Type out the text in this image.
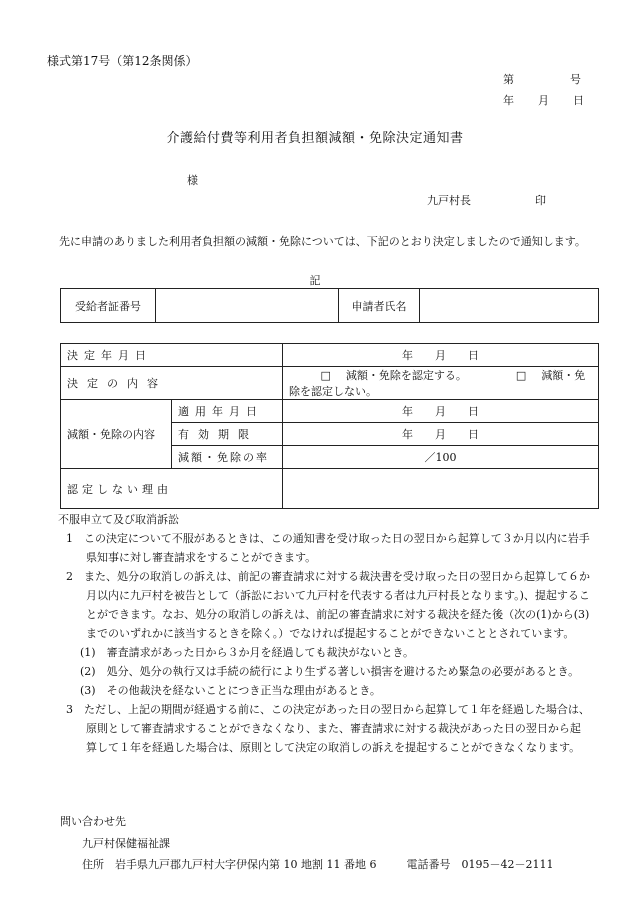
様式第17号（第12条関係）
第	号
年 月 日
介護給付費等利用者負担額減額・免除決定通知書
様
九戸村長	印
先に申請のありました利用者負担額の減額・免除については、下記のとおり決定しましたので通知します。
記
受給者証番号		申請者氏名	
決定年月日		年　　月　　日
決定の内容		□ 減額・免除を認定する。 □ 減額・免除を認定しない。
減額・免除の内容	適用年月日	年　　月　　日
	有効期限	年　　月　　日
	減額・免除の率	／100
認定しない理由		
不服申立て及び取消訴訟
1　この決定について不服があるときは、この通知書を受け取った日の翌日から起算して３か月以内に岩手県知事に対し審査請求をすることができます。
2　また、処分の取消しの訴えは、前記の審査請求に対する裁決書を受け取った日の翌日から起算して６か月以内に九戸村を被告として（訴訟において九戸村を代表する者は九戸村長となります。)、提起することができます。なお、処分の取消しの訴えは、前記の審査請求に対する裁決を経た後（次の(1)から(3)までのいずれかに該当するときを除く。）でなければ提起することができないこととされています。
(1)　審査請求があった日から３か月を経過しても裁決がないとき。
(2)　処分、処分の執行又は手続の続行により生ずる著しい損害を避けるため緊急の必要があるとき。
(3)　その他裁決を経ないことにつき正当な理由があるとき。
3　ただし、上記の期間が経過する前に、この決定があった日の翌日から起算して１年を経過した場合は、原則として審査請求することができなくなり、また、審査請求に対する裁決があった日の翌日から起算して１年を経過した場合は、原則として決定の取消しの訴えを提起することができなくなります。
問い合わせ先
九戸村保健福祉課
住所　岩手県九戸郡九戸村大字伊保内第 10 地割 11 番地 6	電話番号　0195－42－2111
